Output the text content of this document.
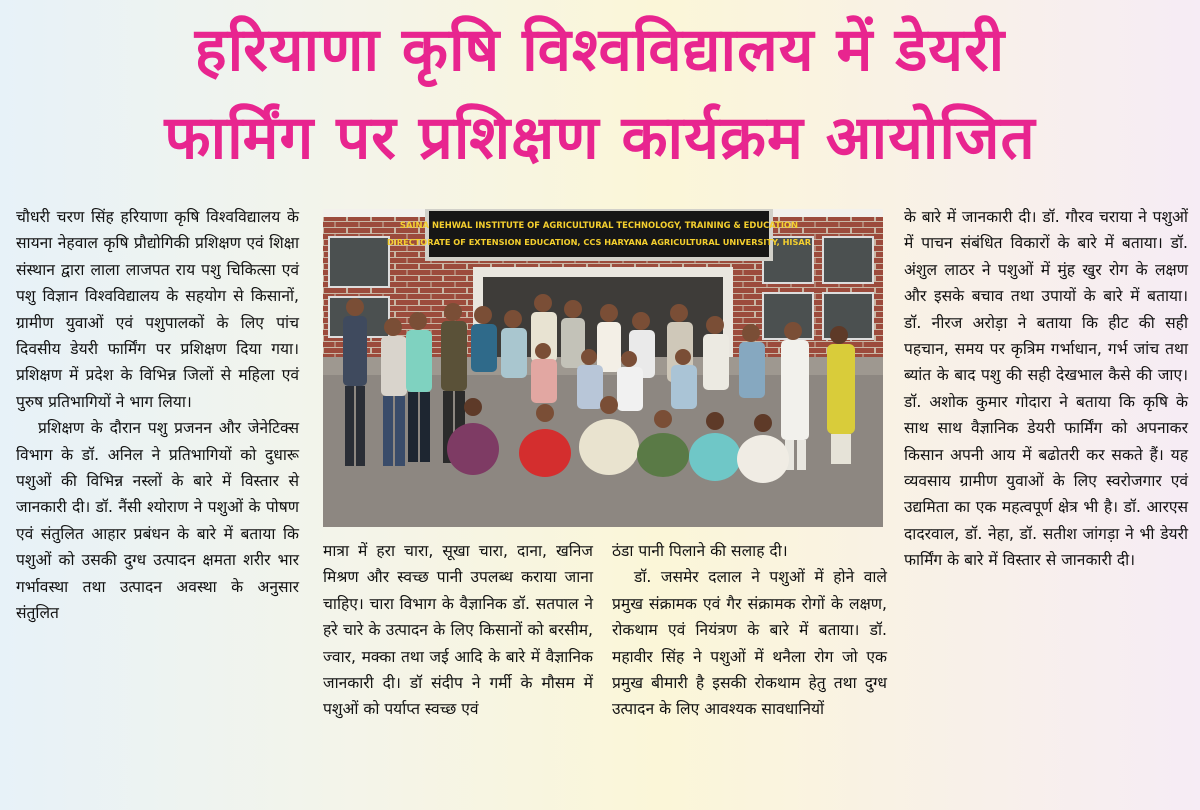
हरियाणा कृषि विश्वविद्यालय में डेयरी
फार्मिंग पर प्रशिक्षण कार्यक्रम आयोजित

चौधरी चरण सिंह हरियाणा कृषि विश्वविद्यालय के सायना नेहवाल कृषि प्रौद्योगिकी प्रशिक्षण एवं शिक्षा संस्थान द्वारा लाला लाजपत राय पशु चिकित्सा एवं पशु विज्ञान विश्वविद्यालय के सहयोग से किसानों, ग्रामीण युवाओं एवं पशुपालकों के लिए पांच दिवसीय डेयरी फार्मिंग पर प्रशिक्षण दिया गया। प्रशिक्षण में प्रदेश के विभिन्न जिलों से महिला एवं पुरुष प्रतिभागियों ने भाग लिया।

प्रशिक्षण के दौरान पशु प्रजनन और जेनेटिक्स विभाग के डॉ. अनिल ने प्रतिभागियों को दुधारू पशुओं की विभिन्न नस्लों के बारे में विस्तार से जानकारी दी। डॉ. नैंसी श्योराण ने पशुओं के पोषण एवं संतुलित आहार प्रबंधन के बारे में बताया कि पशुओं को उसकी दुग्ध उत्पादन क्षमता शरीर भार गर्भावस्था तथा उत्पादन अवस्था के अनुसार संतुलित

SAINA NEHWAL INSTITUTE OF AGRICULTURAL TECHNOLOGY, TRAINING & EDUCATION
DIRECTORATE OF EXTENSION EDUCATION, CCS HARYANA AGRICULTURAL UNIVERSITY, HISAR

मात्रा में हरा चारा, सूखा चारा, दाना, खनिज मिश्रण और स्वच्छ पानी उपलब्ध कराया जाना चाहिए। चारा विभाग के वैज्ञानिक डॉ. सतपाल ने हरे चारे के उत्पादन के लिए किसानों को बरसीम, ज्वार, मक्का तथा जई आदि के बारे में वैज्ञानिक जानकारी दी। डॉ संदीप ने गर्मी के मौसम में पशुओं को पर्याप्त स्वच्छ एवं

ठंडा पानी पिलाने की सलाह दी।

डॉ. जसमेर दलाल ने पशुओं में होने वाले प्रमुख संक्रामक एवं गैर संक्रामक रोगों के लक्षण, रोकथाम एवं नियंत्रण के बारे में बताया। डॉ. महावीर सिंह ने पशुओं में थनैला रोग जो एक प्रमुख बीमारी है इसकी रोकथाम हेतु तथा दुग्ध उत्पादन के लिए आवश्यक सावधानियों

के बारे में जानकारी दी। डॉ. गौरव चराया ने पशुओं में पाचन संबंधित विकारों के बारे में बताया। डॉ. अंशुल लाठर ने पशुओं में मुंह खुर रोग के लक्षण और इसके बचाव तथा उपायों के बारे में बताया। डॉ. नीरज अरोड़ा ने बताया कि हीट की सही पहचान, समय पर कृत्रिम गर्भाधान, गर्भ जांच तथा ब्यांत के बाद पशु की सही देखभाल कैसे की जाए। डॉ. अशोक कुमार गोदारा ने बताया कि कृषि के साथ साथ वैज्ञानिक डेयरी फार्मिंग को अपनाकर किसान अपनी आय में बढोतरी कर सकते हैं। यह व्यवसाय ग्रामीण युवाओं के लिए स्वरोजगार एवं उद्यमिता का एक महत्वपूर्ण क्षेत्र भी है। डॉ. आरएस दादरवाल, डॉ. नेहा, डॉ. सतीश जांगड़ा ने भी डेयरी फार्मिंग के बारे में विस्तार से जानकारी दी।
